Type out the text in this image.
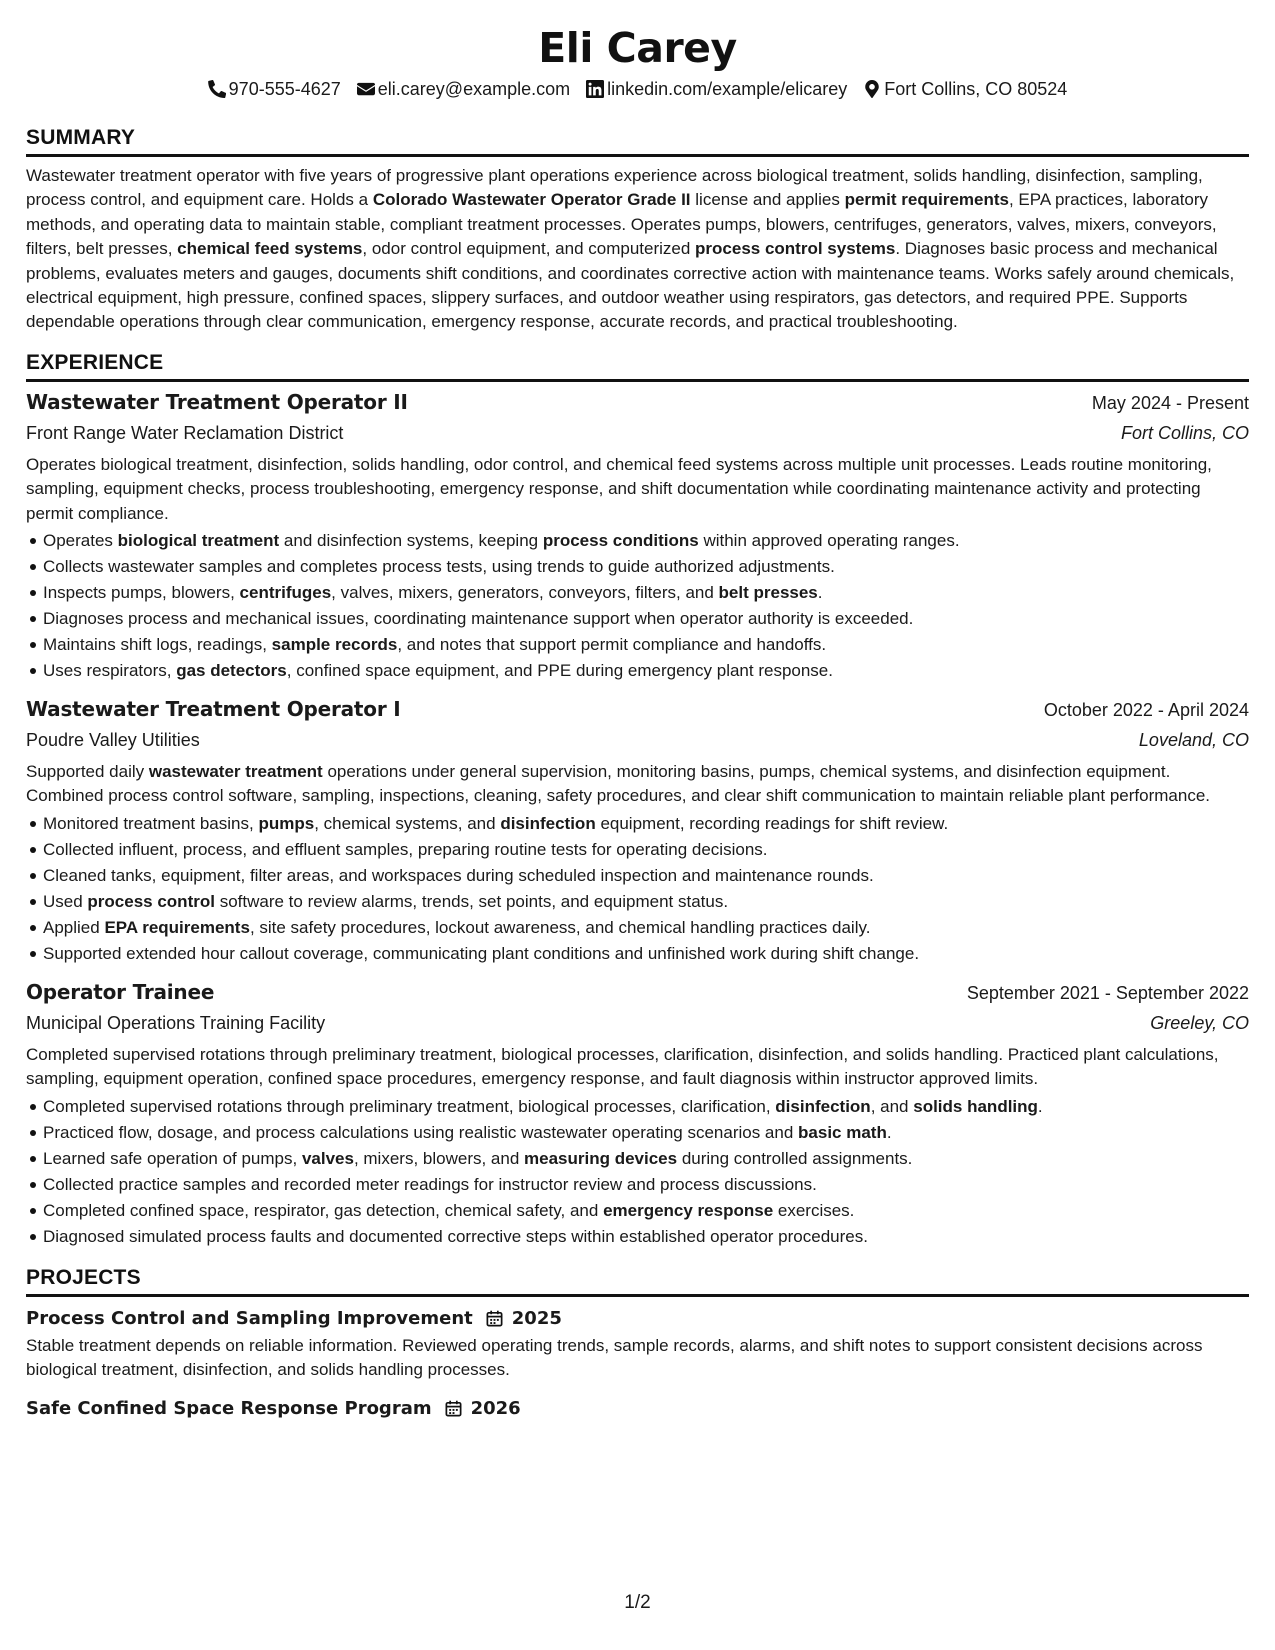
Eli Carey
970-555-4627 eli.carey@example.com linkedin.com/example/elicarey Fort Collins, CO 80524
SUMMARY

Wastewater treatment operator with five years of progressive plant operations experience across biological treatment, solids handling, disinfection, sampling, process control, and equipment care. Holds a Colorado Wastewater Operator Grade II license and applies permit requirements, EPA practices, laboratory methods, and operating data to maintain stable, compliant treatment processes. Operates pumps, blowers, centrifuges, generators, valves, mixers, conveyors, filters, belt presses, chemical feed systems, odor control equipment, and computerized process control systems. Diagnoses basic process and mechanical problems, evaluates meters and gauges, documents shift conditions, and coordinates corrective action with maintenance teams. Works safely around chemicals, electrical equipment, high pressure, confined spaces, slippery surfaces, and outdoor weather using respirators, gas detectors, and required PPE. Supports dependable operations through clear communication, emergency response, accurate records, and practical troubleshooting.

EXPERIENCE
Wastewater Treatment Operator II	May 2024 - Present
Front Range Water Reclamation District	Fort Collins, CO

Operates biological treatment, disinfection, solids handling, odor control, and chemical feed systems across multiple unit processes. Leads routine monitoring, sampling, equipment checks, process troubleshooting, emergency response, and shift documentation while coordinating maintenance activity and protecting permit compliance.

Operates biological treatment and disinfection systems, keeping process conditions within approved operating ranges.
Collects wastewater samples and completes process tests, using trends to guide authorized adjustments.
Inspects pumps, blowers, centrifuges, valves, mixers, generators, conveyors, filters, and belt presses.
Diagnoses process and mechanical issues, coordinating maintenance support when operator authority is exceeded.
Maintains shift logs, readings, sample records, and notes that support permit compliance and handoffs.
Uses respirators, gas detectors, confined space equipment, and PPE during emergency plant response.
Wastewater Treatment Operator I	October 2022 - April 2024
Poudre Valley Utilities	Loveland, CO

Supported daily wastewater treatment operations under general supervision, monitoring basins, pumps, chemical systems, and disinfection equipment. Combined process control software, sampling, inspections, cleaning, safety procedures, and clear shift communication to maintain reliable plant performance.

Monitored treatment basins, pumps, chemical systems, and disinfection equipment, recording readings for shift review.
Collected influent, process, and effluent samples, preparing routine tests for operating decisions.
Cleaned tanks, equipment, filter areas, and workspaces during scheduled inspection and maintenance rounds.
Used process control software to review alarms, trends, set points, and equipment status.
Applied EPA requirements, site safety procedures, lockout awareness, and chemical handling practices daily.
Supported extended hour callout coverage, communicating plant conditions and unfinished work during shift change.
Operator Trainee	September 2021 - September 2022
Municipal Operations Training Facility	Greeley, CO

Completed supervised rotations through preliminary treatment, biological processes, clarification, disinfection, and solids handling. Practiced plant calculations, sampling, equipment operation, confined space procedures, emergency response, and fault diagnosis within instructor approved limits.

Completed supervised rotations through preliminary treatment, biological processes, clarification, disinfection, and solids handling.
Practiced flow, dosage, and process calculations using realistic wastewater operating scenarios and basic math.
Learned safe operation of pumps, valves, mixers, blowers, and measuring devices during controlled assignments.
Collected practice samples and recorded meter readings for instructor review and process discussions.
Completed confined space, respirator, gas detection, chemical safety, and emergency response exercises.
Diagnosed simulated process faults and documented corrective steps within established operator procedures.
PROJECTS
Process Control and Sampling Improvement 2025

Stable treatment depends on reliable information. Reviewed operating trends, sample records, alarms, and shift notes to support consistent decisions across biological treatment, disinfection, and solids handling processes.

Safe Confined Space Response Program 2026
1/2
